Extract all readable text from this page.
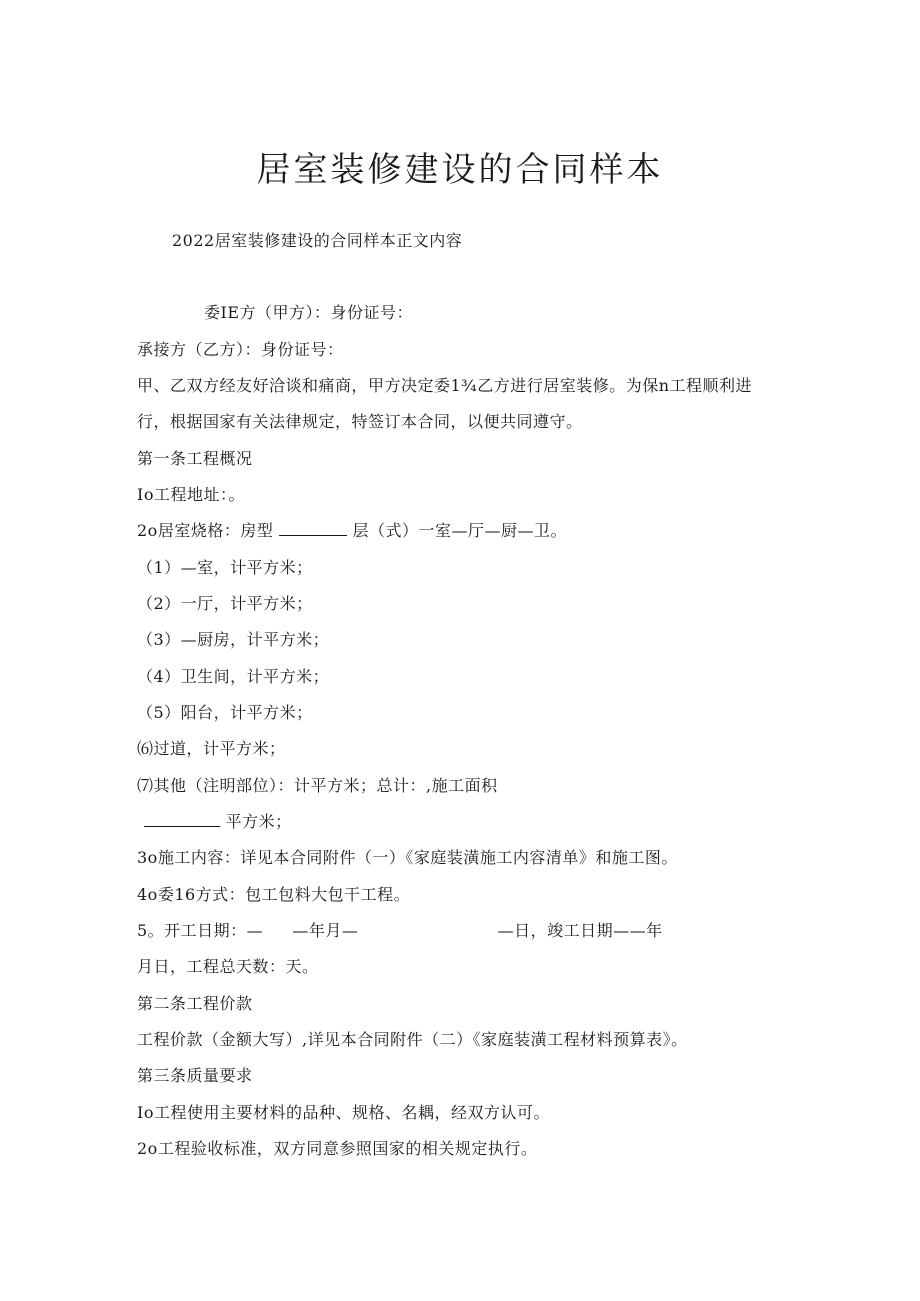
居室装修建设的合同样本
2022居室装修建设的合同样本正文内容
委IE方（甲方）：身份证号：
承接方（乙方）：身份证号：
甲、乙双方经友好洽谈和痛商，甲方决定委1¾乙方进行居室装修。为保n工程顺利进
行，根据国家有关法律规定，特签订本合同，以便共同遵守。
第一条工程概况
Io工程地址：。
2o居室烧格：房型	层（式）一室—厅—厨—卫。
（1）—室，计平方米；
（2）一厅，计平方米；
（3）—厨房，计平方米；
（4）卫生间，计平方米；
（5）阳台，计平方米；
⑹过道，计平方米；
⑺其他（注明部位）：计平方米；总计：,施工面积
平方米；
3o施工内容：详见本合同附件（一）《家庭装潢施工内容清单》和施工图。
4o委16方式：包工包料大包干工程。
5。开工日期：— —年月—	—日，竣工日期——年
月日，工程总天数：天。
第二条工程价款
工程价款（金额大写）,详见本合同附件（二）《家庭装潢工程材料预算表》。
第三条质量要求
Io工程使用主要材料的品种、规格、名耦，经双方认可。
2o工程验收标准，双方同意参照国家的相关规定执行。
